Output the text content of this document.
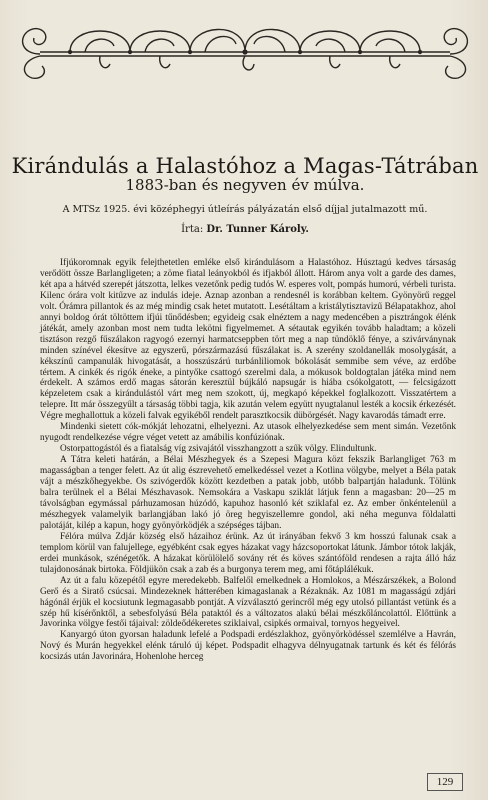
Kirándulás a Halastóhoz a Magas-Tátrában
1883-ban és negyven év múlva.
A MTSz 1925. évi középhegyi útleírás pályázatán első díjjal jutalmazott mű.
Írta: Dr. Tunner Károly.

Ifjúkoromnak egyik felejthetetlen emléke első kirándulásom a Halastóhoz. Húsztagú kedves társaság verődött össze Barlangligeten; a zöme fiatal leányokból és ifjakból állott. Három anya volt a garde des dames, két apa a hátvéd szerepét játszotta, lelkes vezetőnk pedig tudós W. esperes volt, pompás humorú, vérbeli turista. Kilenc órára volt kitűzve az indulás ideje. Aznap azonban a rendesnél is korábban keltem. Gyönyörű reggel volt. Órámra pillantok és az még mindig csak hetet mutatott. Lesétáltam a kristálytisztavizű Bélapatakhoz, ahol annyi boldog órát töltöttem ifjúi tűnődésben; egyideig csak elnéztem a nagy medencében a pisztrángok élénk játékát, amely azonban most nem tudta lekötni figyelmemet. A sétautak egyikén tovább haladtam; a közeli tisztáson rezgő fűszálakon ragyogó ezernyi harmatcseppben tört meg a nap tündöklő fénye, a szivárványnak minden színével ékesítve az egyszerű, pórszármazású fűszálakat is. A szerény szoldanellák mosolygását, a kékszínű campanulák hivogatását, a hosszúszárú turbánliliomok bókolását semmibe sem véve, az erdőbe tértem. A cinkék és rigók éneke, a pintyőke csattogó szerelmi dala, a mókusok boldogtalan játéka mind nem érdekelt. A számos erdő magas sátorán keresztül bújkáló napsugár is hiába csókolgatott, — felcsigázott képzeletem csak a kirándulástól várt meg nem szokott, új, megkapó képekkel foglalkozott. Visszatértem a telepre. Itt már összegyűlt a társaság többi tagja, kik azután velem együtt nyugtalanul lesték a kocsik érkezését. Végre meghallottuk a közeli falvak egyikéből rendelt parasztkocsik dübörgését. Nagy kavarodás támadt erre.

Mindenki sietett cók-mókját lehozatni, elhelyezni. Az utasok elhelyezkedése sem ment simán. Vezetőnk nyugodt rendelkezése végre véget vetett az amábilis konfúziónak.

Ostorpattogástól és a fiatalság víg zsivajától visszhangzott a szűk völgy. Elindultunk.

A Tátra keleti határán, a Bélai Mészhegyek és a Szepesi Magura közt fekszik Barlangliget 763 m magasságban a tenger felett. Az út alig észrevehető emelkedéssel vezet a Kotlina völgybe, melyet a Béla patak vájt a mészkőhegyekbe. Os szivógerdők között kezdetben a patak jobb, utóbb balpartján haladunk. Tölünk balra terülnek el a Bélai Mészhavasok. Nemsokára a Vaskapu sziklát látjuk fenn a magasban: 20—25 m távolságban egymással párhuzamosan húzódó, kapuhoz hasonló két sziklafal ez. Az ember önkéntelenül a mészhegyek valamelyik barlangjában lakó jó öreg hegyiszellemre gondol, aki néha megunva földalatti palotáját, kilép a kapun, hogy gyönyörködjék a szépséges tájban.

Félóra múlva Zdjár község első házaihoz érünk. Az út irányában fekvő 3 km hosszú falunak csak a templom körül van falujellege, egyébként csak egyes házakat vagy házcsoportokat látunk. Jámbor tótok lakják, erdei munkások, szénégetők. A házakat körülölelő sovány rét és köves szántóföld rendesen a rajta álló ház tulajdonosának birtoka. Földjükön csak a zab és a burgonya terem meg, ami főtáplálékuk.

Az út a falu közepétől egyre meredekebb. Balfelől emelkednek a Homlokos, a Mészárszékek, a Bolond Gerő és a Siratő csúcsai. Mindezeknek hátterében kimagaslanak a Rézaknák. Az 1081 m magasságú zdjári hágónál érjük el kocsiutunk legmagasabb pontját. A vízválasztó gerincről még egy utolsó pillantást vetünk és a szép hű kísérőnktől, a sebesfolyású Béla pataktól és a változatos alakú bélai mészkőláncolattól. Előttünk a Javorinka völgye festői tájaival: zöldeődékeretes sziklaival, csipkés ormaival, tornyos hegyeivel.

Kanyargó úton gyorsan haladunk lefelé a Podspadi erdészlakhoz, gyönyörködéssel szemlélve a Havrán, Nový és Murán hegyekkel elénk táruló új képet. Podspadit elhagyva délnyugatnak tartunk és két és félórás kocsizás után Javorinára, Hohenlohe herceg

129
